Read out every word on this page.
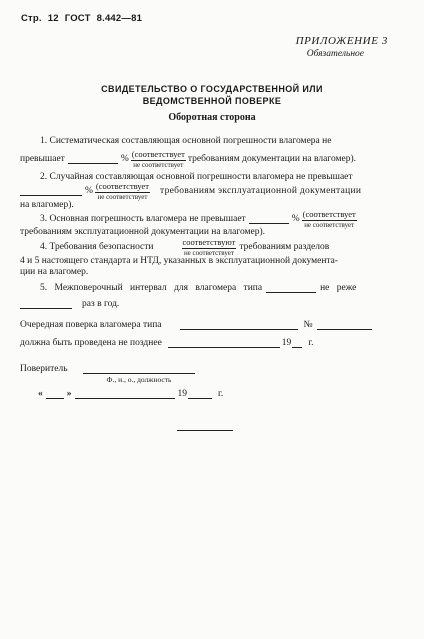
Стр. 12 ГОСТ 8.442—81
ПРИЛОЖЕНИЕ 3
Обязательное
СВИДЕТЕЛЬСТВО О ГОСУДАРСТВЕННОЙ ИЛИ
ВЕДОМСТВЕННОЙ ПОВЕРКЕ
Оборотная сторона
1. Систематическая составляющая основной погрешности влагомера не
превышает	% $\frac{\text{(соответствует}}{\text{не соответствует}}$ требованиям документации на влагомер).
2. Случайная составляющая основной погрешности влагомера не превышает
% $\frac{\text{(соответствует}}{\text{не соответствует}}$ требованиям эксплуатационной документации
на влагомер).
3. Основная погрешность влагомера не превышает	% $\frac{\text{(соответствует}}{\text{не соответствует}}$
требованиям эксплуатационной документации на влагомер).
4. Требования безопасности	$\frac{\text{соответствуют}}{\text{не соответствует}}$ требованиям разделов
4 и 5 настоящего стандарта и НТД, указанных в эксплуатационной документа-
ции на влагомер.
5. Межповерочный интервал для влагомера типа	не реже
раз в год.
Очередная поверка влагомера типа	№
должна быть проведена не позднее	19 г.
Поверитель
Ф., и., о., должность
«	»	19	г.
